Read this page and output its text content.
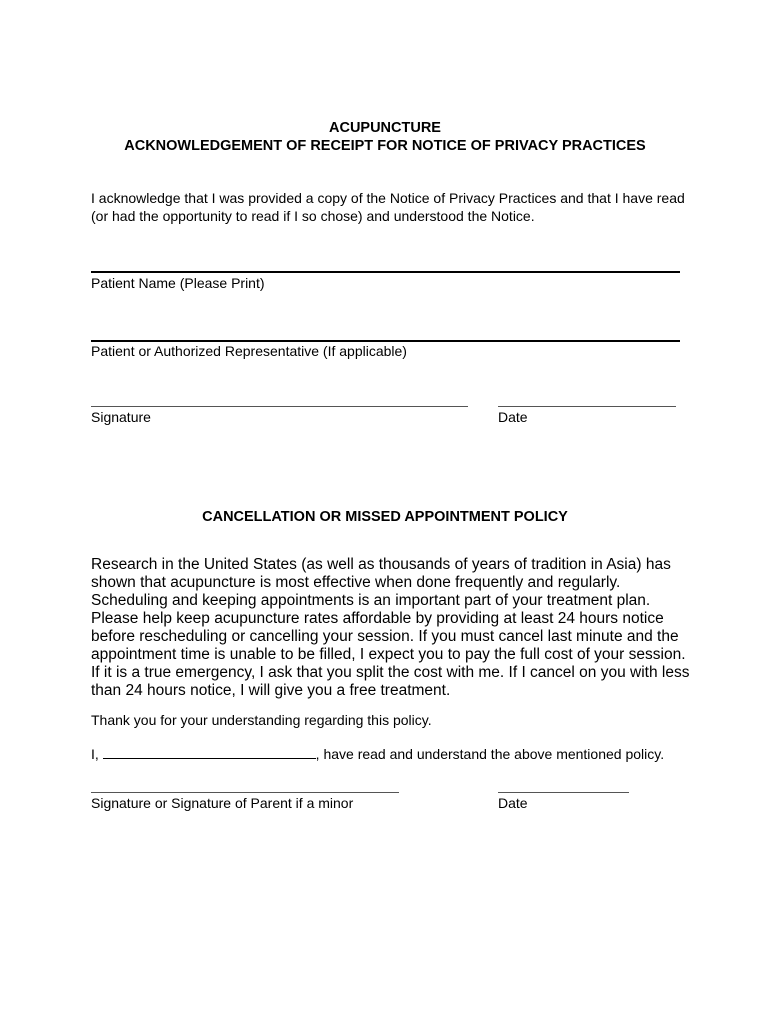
ACUPUNCTURE
ACKNOWLEDGEMENT OF RECEIPT FOR NOTICE OF PRIVACY PRACTICES
I acknowledge that I was provided a copy of the Notice of Privacy Practices and that I have read
(or had the opportunity to read if I so chose) and understood the Notice.
Patient Name (Please Print)
Patient or Authorized Representative (If applicable)
Signature	Date
CANCELLATION OR MISSED APPOINTMENT POLICY
Research in the United States (as well as thousands of years of tradition in Asia) has
shown that acupuncture is most effective when done frequently and regularly.
Scheduling and keeping appointments is an important part of your treatment plan.
Please help keep acupuncture rates affordable by providing at least 24 hours notice
before rescheduling or cancelling your session. If you must cancel last minute and the
appointment time is unable to be filled, I expect you to pay the full cost of your session.
If it is a true emergency, I ask that you split the cost with me. If I cancel on you with less
than 24 hours notice, I will give you a free treatment.
Thank you for your understanding regarding this policy.
I,	, have read and understand the above mentioned policy.
Signature or Signature of Parent if a minor	Date
